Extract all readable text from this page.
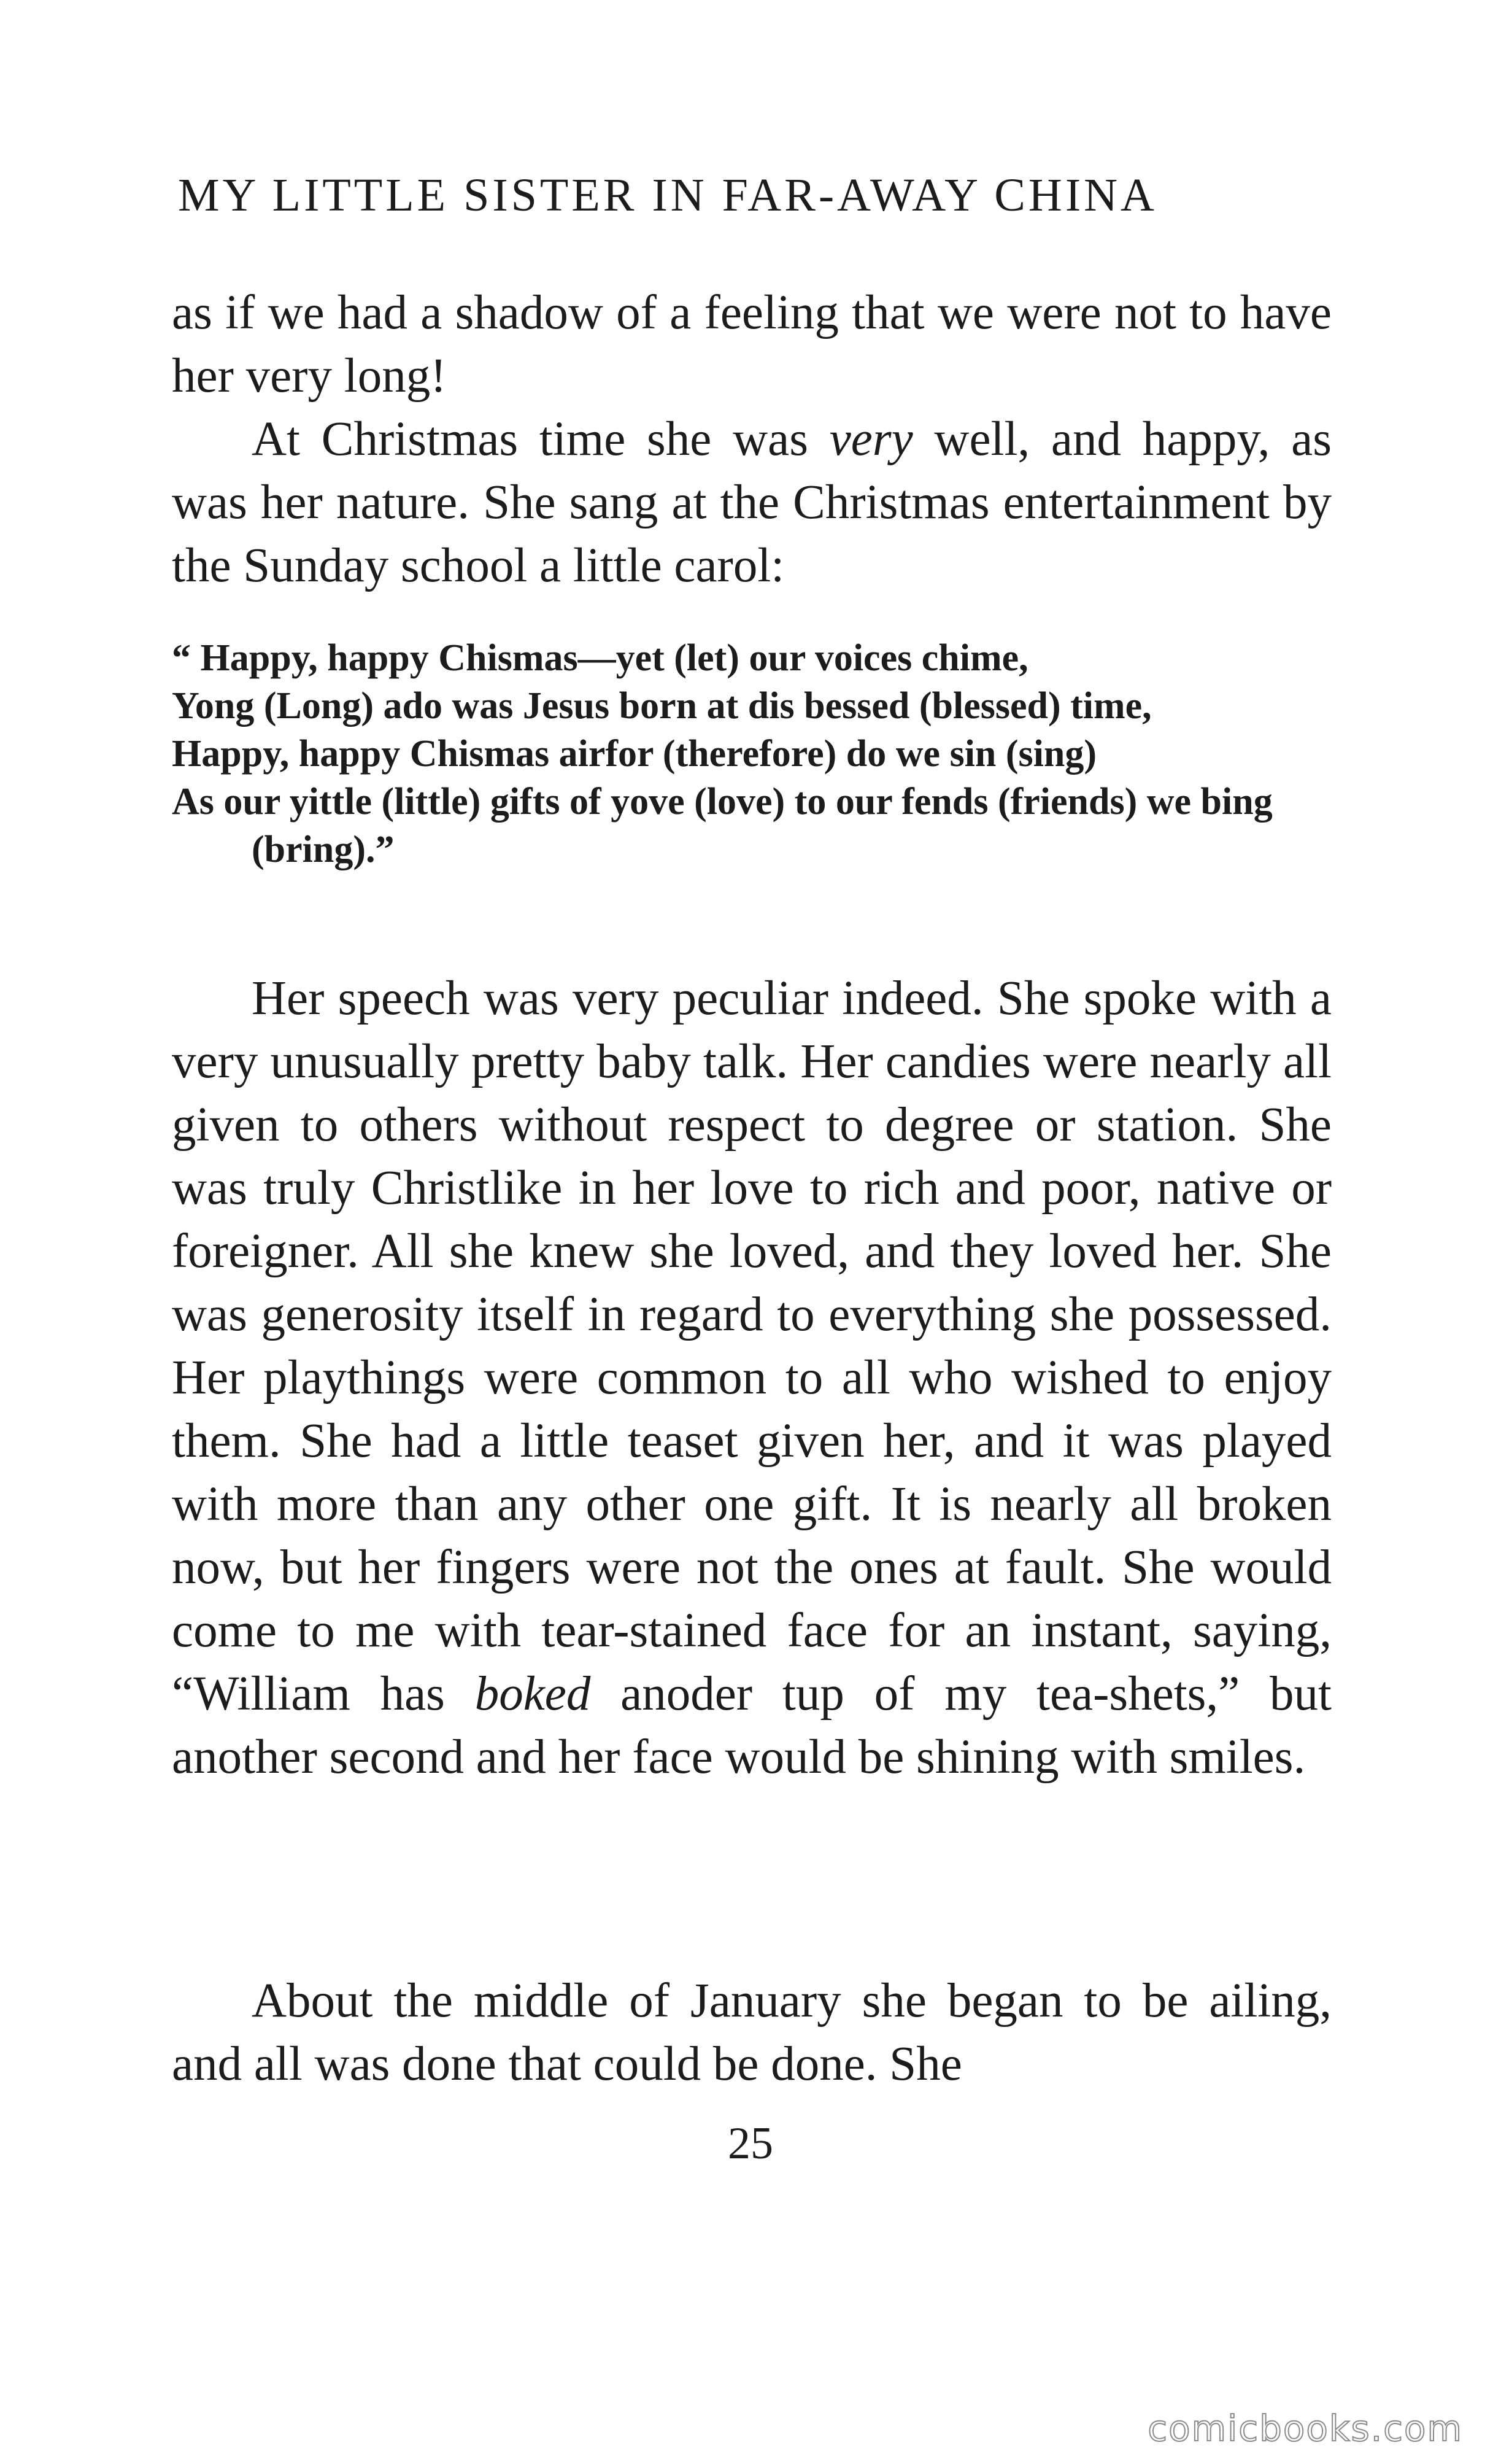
MY LITTLE SISTER IN FAR-AWAY CHINA

as if we had a shadow of a feeling that we were not to have her very long!

At Christmas time she was very well, and happy, as was her nature. She sang at the Christmas entertainment by the Sunday school a little carol:

“ Happy, happy Chismas—yet (let) our voices chime,

Yong (Long) ado was Jesus born at dis bessed (blessed) time,

Happy, happy Chismas airfor (therefore) do we sin (sing)

As our yittle (little) gifts of yove (love) to our fends (friends) we bing (bring).”

Her speech was very peculiar indeed. She spoke with a very unusually pretty baby talk. Her candies were nearly all given to others without respect to degree or station. She was truly Christlike in her love to rich and poor, native or foreigner. All she knew she loved, and they loved her. She was generosity itself in regard to everything she possessed. Her playthings were common to all who wished to enjoy them. She had a little teaset given her, and it was played with more than any other one gift. It is nearly all broken now, but her fingers were not the ones at fault. She would come to me with tear-stained face for an instant, saying, “William has boked anoder tup of my tea-shets,” but another second and her face would be shining with smiles.

About the middle of January she began to be ailing, and all was done that could be done. She

25
comicbooks.com
